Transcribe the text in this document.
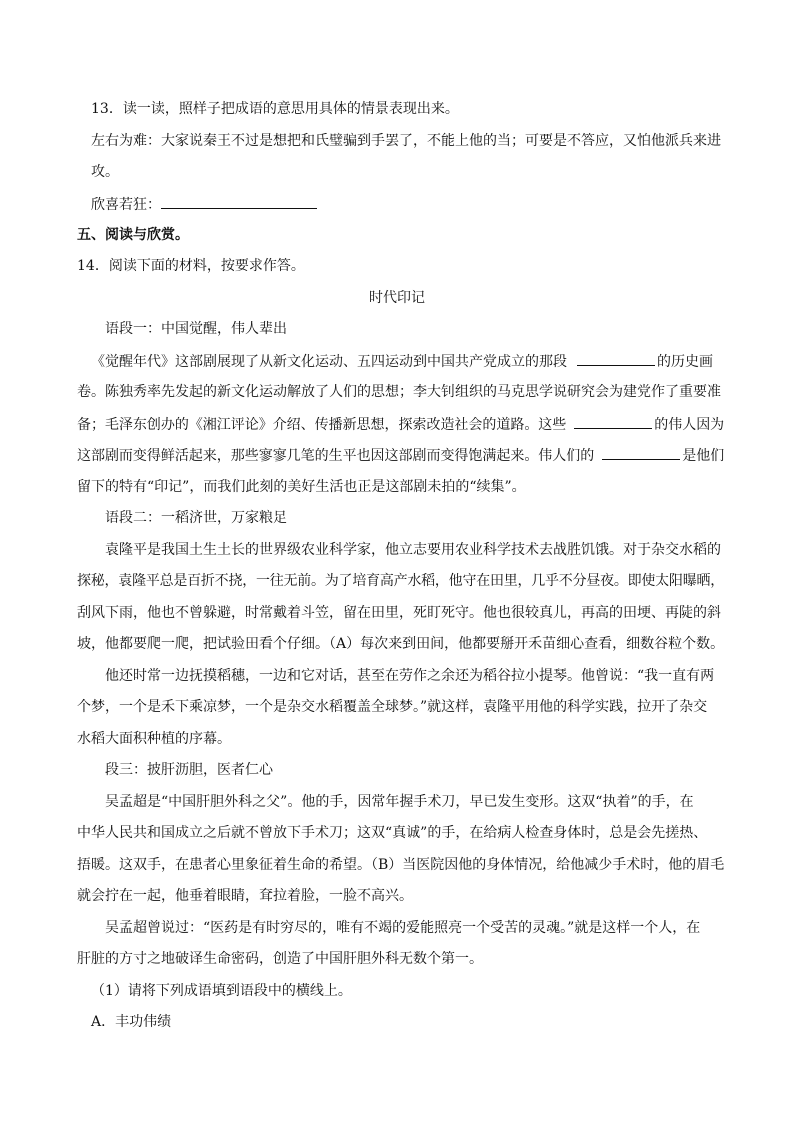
13．读一读，照样子把成语的意思用具体的情景表现出来。
左右为难：大家说秦王不过是想把和氏璧骗到手罢了，不能上他的当；可要是不答应，又怕他派兵来进
攻。
欣喜若狂：
五、阅读与欣赏。
14．阅读下面的材料，按要求作答。
时代印记
语段一：中国觉醒，伟人辈出
《觉醒年代》这部剧展现了从新文化运动、五四运动到中国共产党成立的那段	的历史画
卷。陈独秀率先发起的新文化运动解放了人们的思想；李大钊组织的马克思学说研究会为建党作了重要准
备；毛泽东创办的《湘江评论》介绍、传播新思想，探索改造社会的道路。这些	的伟人因为
这部剧而变得鲜活起来，那些寥寥几笔的生平也因这部剧而变得饱满起来。伟人们的	是他们
留下的特有“印记”，而我们此刻的美好生活也正是这部剧未拍的“续集”。
语段二：一稻济世，万家粮足
袁隆平是我国土生土长的世界级农业科学家，他立志要用农业科学技术去战胜饥饿。对于杂交水稻的
探秘，袁隆平总是百折不挠，一往无前。为了培育高产水稻，他守在田里，几乎不分昼夜。即使太阳曝晒，
刮风下雨，他也不曾躲避，时常戴着斗笠，留在田里，死盯死守。他也很较真儿，再高的田埂、再陡的斜
坡，他都要爬一爬，把试验田看个仔细。（A）每次来到田间，他都要掰开禾苗细心查看，细数谷粒个数。
他还时常一边抚摸稻穗，一边和它对话，甚至在劳作之余还为稻谷拉小提琴。他曾说：“我一直有两
个梦，一个是禾下乘凉梦，一个是杂交水稻覆盖全球梦。”就这样，袁隆平用他的科学实践，拉开了杂交
水稻大面积种植的序幕。
段三：披肝沥胆，医者仁心
吴孟超是“中国肝胆外科之父”。他的手，因常年握手术刀，早已发生变形。这双“执着”的手，在
中华人民共和国成立之后就不曾放下手术刀；这双“真诚”的手，在给病人检查身体时，总是会先搓热、
捂暖。这双手，在患者心里象征着生命的希望。（B）当医院因他的身体情况，给他减少手术时，他的眉毛
就会拧在一起，他垂着眼睛，耷拉着脸，一脸不高兴。
吴孟超曾说过：“医药是有时穷尽的，唯有不竭的爱能照亮一个受苦的灵魂。”就是这样一个人，在
肝脏的方寸之地破译生命密码，创造了中国肝胆外科无数个第一。
（1）请将下列成语填到语段中的横线上。
A．丰功伟绩
